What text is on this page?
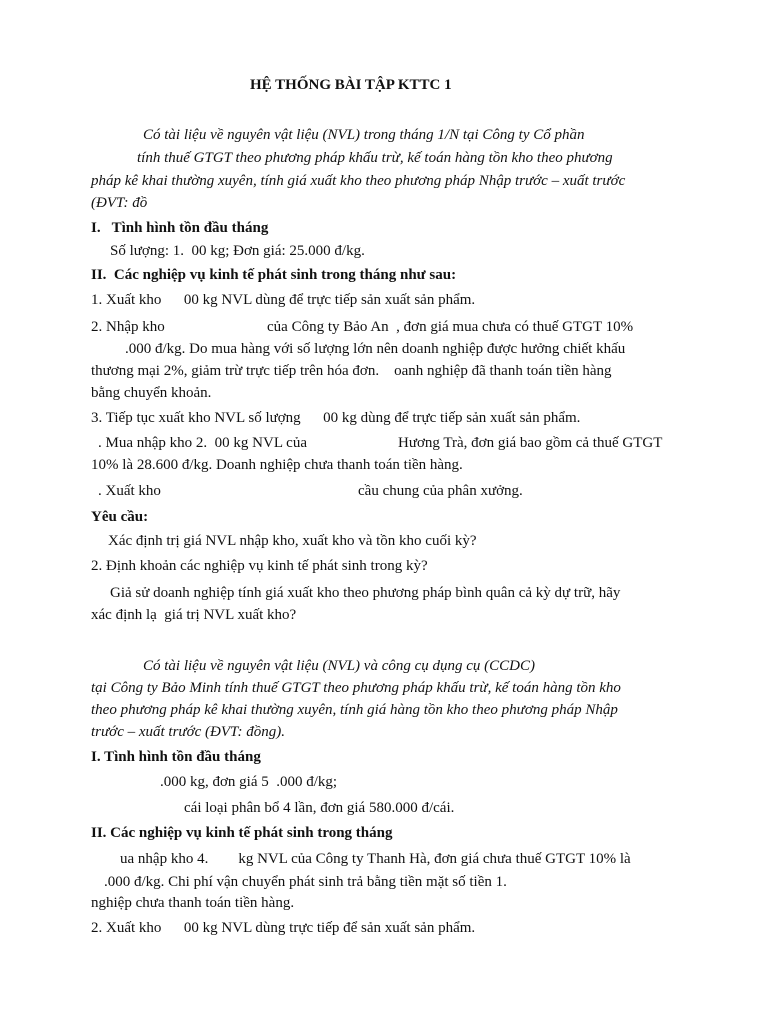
HỆ THỐNG BÀI TẬP KTTC 1
Có tài liệu về nguyên vật liệu (NVL) trong tháng 1/N tại Công ty Cổ phần
tính thuế GTGT theo phương pháp khấu trừ, kế toán hàng tồn kho theo phương
pháp kê khai thường xuyên, tính giá xuất kho theo phương pháp Nhập trước – xuất trước
(ĐVT: đồ
I.   Tình hình tồn đầu tháng
Số lượng: 1.  00 kg; Đơn giá: 25.000 đ/kg.
II.  Các nghiệp vụ kinh tế phát sinh trong tháng như sau:
1. Xuất kho      00 kg NVL dùng để trực tiếp sản xuất sản phẩm.
2. Nhập kho	của Công ty Bảo An  , đơn giá mua chưa có thuế GTGT 10%
.000 đ/kg. Do mua hàng với số lượng lớn nên doanh nghiệp được hưởng chiết khấu
thương mại 2%, giảm trừ trực tiếp trên hóa đơn.    oanh nghiệp đã thanh toán tiền hàng
bằng chuyển khoản.
3. Tiếp tục xuất kho NVL số lượng      00 kg dùng để trực tiếp sản xuất sản phẩm.
. Mua nhập kho 2.  00 kg NVL của	Hương Trà, đơn giá bao gồm cả thuế GTGT
10% là 28.600 đ/kg. Doanh nghiệp chưa thanh toán tiền hàng.
. Xuất kho	cầu chung của phân xưởng.
Yêu cầu:
Xác định trị giá NVL nhập kho, xuất kho và tồn kho cuối kỳ?
2. Định khoản các nghiệp vụ kinh tế phát sinh trong kỳ?
Giả sử doanh nghiệp tính giá xuất kho theo phương pháp bình quân cả kỳ dự trữ, hãy
xác định lạ  giá trị NVL xuất kho?
Có tài liệu về nguyên vật liệu (NVL) và công cụ dụng cụ (CCDC)
tại Công ty Bảo Minh tính thuế GTGT theo phương pháp khấu trừ, kế toán hàng tồn kho
theo phương pháp kê khai thường xuyên, tính giá hàng tồn kho theo phương pháp Nhập
trước – xuất trước (ĐVT: đồng).
I. Tình hình tồn đầu tháng
.000 kg, đơn giá 5  .000 đ/kg;
cái loại phân bổ 4 lần, đơn giá 580.000 đ/cái.
II. Các nghiệp vụ kinh tế phát sinh trong tháng
ua nhập kho 4.        kg NVL của Công ty Thanh Hà, đơn giá chưa thuế GTGT 10% là
.000 đ/kg. Chi phí vận chuyển phát sinh trả bằng tiền mặt số tiền 1.
nghiệp chưa thanh toán tiền hàng.
2. Xuất kho      00 kg NVL dùng trực tiếp để sản xuất sản phẩm.
